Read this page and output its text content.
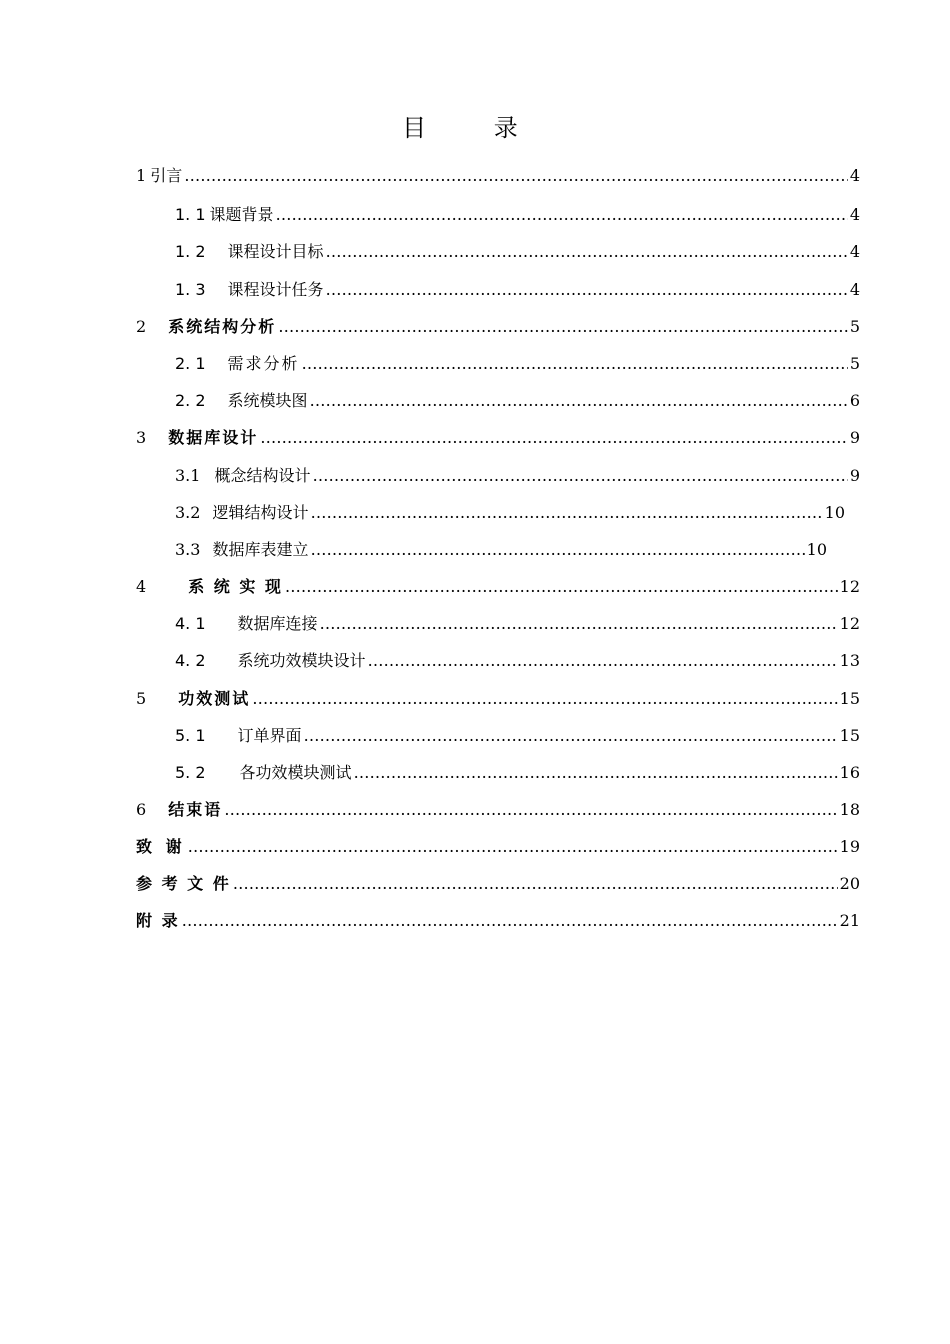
目 录
1 引言 …………………………………………………………………………………………………………………………………………………………………………………………………	4
1. 1 课题背景 …………………………………………………………………………………………………………………………………………………………………………………………………	4
1. 2 课程设计目标 …………………………………………………………………………………………………………………………………………………………………………………………………	4
1. 3 课程设计任务 …………………………………………………………………………………………………………………………………………………………………………………………………	4
2 系统结构分析 …………………………………………………………………………………………………………………………………………………………………………………………………	5
2. 1 需求分析 …………………………………………………………………………………………………………………………………………………………………………………………………	5
2. 2 系统模块图 …………………………………………………………………………………………………………………………………………………………………………………………………	6
3 数据库设计 …………………………………………………………………………………………………………………………………………………………………………………………………	9
3.1 概念结构设计 …………………………………………………………………………………………………………………………………………………………………………………………………	9
3.2 逻辑结构设计 …………………………………………………………………………………………………………………………………………………………………………………………………	10
3.3 数据库表建立 …………………………………………………………………………………………………………………………………………………………………………………………………	10
4	系 统 实 现 …………………………………………………………………………………………………………………………………………………………………………………………………	12
4. 1 数据库连接 …………………………………………………………………………………………………………………………………………………………………………………………………	12
4. 2 系统功效模块设计 …………………………………………………………………………………………………………………………………………………………………………………………………	13
5 功效测试 …………………………………………………………………………………………………………………………………………………………………………………………………	15
5. 1 订单界面 …………………………………………………………………………………………………………………………………………………………………………………………………	15
5. 2 各功效模块测试 …………………………………………………………………………………………………………………………………………………………………………………………………	16
6 结束语 …………………………………………………………………………………………………………………………………………………………………………………………………	18
致 谢 …………………………………………………………………………………………………………………………………………………………………………………………………	19
参 考 文 件 …………………………………………………………………………………………………………………………………………………………………………………………………	20
附 录 …………………………………………………………………………………………………………………………………………………………………………………………………	21
